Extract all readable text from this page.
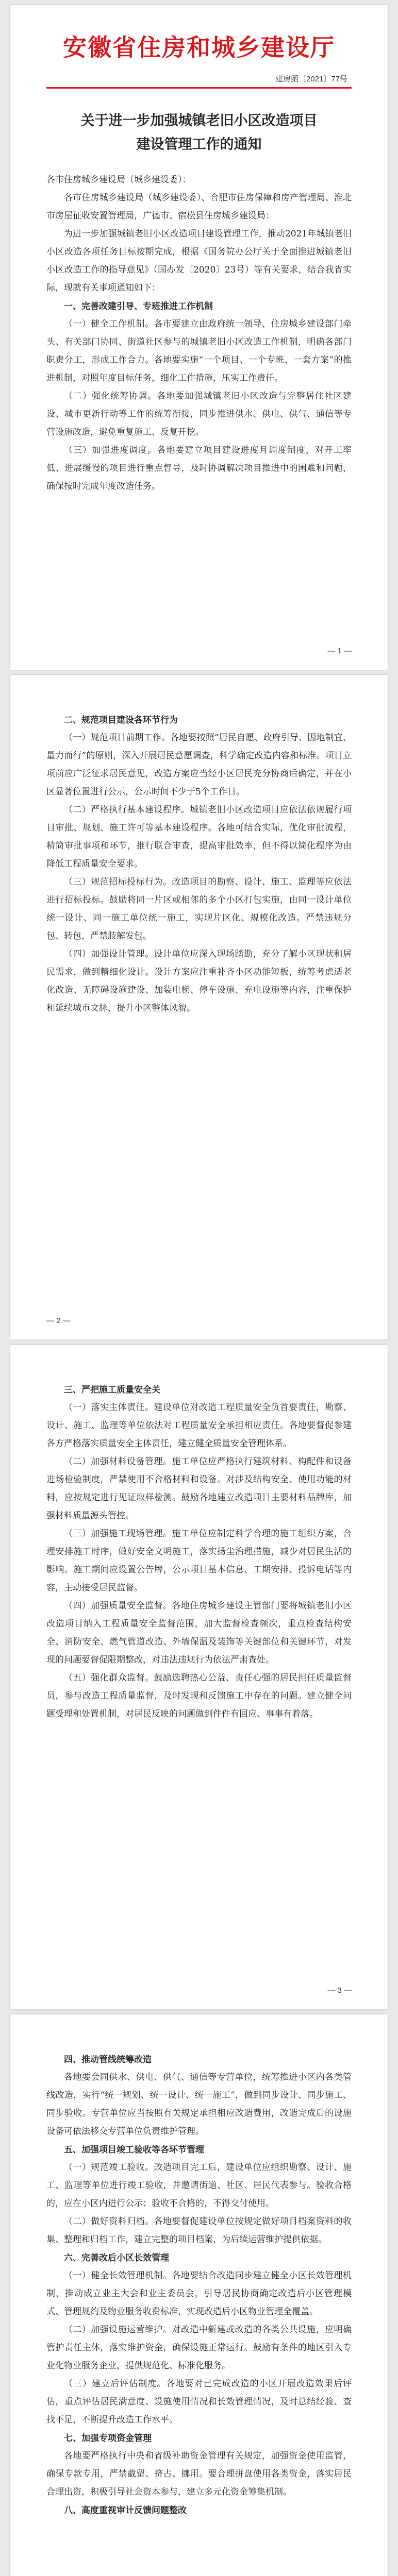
安徽省住房和城乡建设厅
建房函〔2021〕77号
关于进一步加强城镇老旧小区改造项目
建设管理工作的通知
各市住房城乡建设局（城乡建设委）：

各市住房城乡建设局（城乡建设委）、合肥市住房保障和房产管理局、淮北市房屋征收安置管理局，广德市、宿松县住房城乡建设局：

为进一步加强城镇老旧小区改造项目建设管理工作，推动2021年城镇老旧小区改造各项任务目标按期完成，根据《国务院办公厅关于全面推进城镇老旧小区改造工作的指导意见》（国办发〔2020〕23号）等有关要求，结合我省实际，现就有关事项通知如下：

一、完善改建引导、专班推进工作机制

（一）健全工作机制。各市要建立由政府统一领导、住房城乡建设部门牵头、有关部门协同、街道社区参与的城镇老旧小区改造工作机制，明确各部门职责分工，形成工作合力。各地要实施“一个项目、一个专班、一套方案”的推进机制，对照年度目标任务，细化工作措施，压实工作责任。

（二）强化统筹协调。各地要加强城镇老旧小区改造与完整居住社区建设、城市更新行动等工作的统筹衔接，同步推进供水、供电、供气、通信等专营设施改造，避免重复施工、反复开挖。

（三）加强进度调度。各地要建立项目建设进度月调度制度，对开工率低、进展缓慢的项目进行重点督导，及时协调解决项目推进中的困难和问题，确保按时完成年度改造任务。

— 1 —
二、规范项目建设各环节行为

（一）规范项目前期工作。各地要按照“居民自愿、政府引导、因地制宜、量力而行”的原则，深入开展居民意愿调查，科学确定改造内容和标准。项目立项前应广泛征求居民意见，改造方案应当经小区居民充分协商后确定，并在小区显著位置进行公示，公示时间不少于5个工作日。

（二）严格执行基本建设程序。城镇老旧小区改造项目应依法依规履行项目审批、规划、施工许可等基本建设程序。各地可结合实际，优化审批流程，精简审批事项和环节，推行联合审查，提高审批效率，但不得以简化程序为由降低工程质量安全要求。

（三）规范招标投标行为。改造项目的勘察、设计、施工、监理等应依法进行招标投标。鼓励将同一片区或相邻的多个小区打包实施，由同一设计单位统一设计、同一施工单位统一施工，实现片区化、规模化改造。严禁违规分包、转包，严禁肢解发包。

（四）加强设计管理。设计单位应深入现场踏勘，充分了解小区现状和居民需求，做到精细化设计。设计方案应注重补齐小区功能短板，统筹考虑适老化改造、无障碍设施建设、加装电梯、停车设施、充电设施等内容，注重保护和延续城市文脉，提升小区整体风貌。

— 2 —
三、严把施工质量安全关

（一）落实主体责任。建设单位对改造工程质量安全负首要责任，勘察、设计、施工、监理等单位依法对工程质量安全承担相应责任。各地要督促参建各方严格落实质量安全主体责任，建立健全质量安全管理体系。

（二）加强材料设备管理。施工单位应严格执行建筑材料、构配件和设备进场检验制度，严禁使用不合格材料和设备。对涉及结构安全、使用功能的材料，应按规定进行见证取样检测。鼓励各地建立改造项目主要材料品牌库，加强材料质量源头管控。

（三）加强施工现场管理。施工单位应制定科学合理的施工组织方案，合理安排施工时序，做好安全文明施工，落实扬尘治理措施，减少对居民生活的影响。施工期间应设置公告牌，公示项目基本信息、工期安排、投诉电话等内容，主动接受居民监督。

（四）加强质量安全监督。各地住房城乡建设主管部门要将城镇老旧小区改造项目纳入工程质量安全监督范围，加大监督检查频次，重点检查结构安全、消防安全、燃气管道改造、外墙保温及装饰等关键部位和关键环节，对发现的问题要督促限期整改，对违法违规行为依法严肃查处。

（五）强化群众监督。鼓励选聘热心公益、责任心强的居民担任质量监督员，参与改造工程质量监督，及时发现和反馈施工中存在的问题。建立健全问题受理和处置机制，对居民反映的问题做到件件有回应、事事有着落。

— 3 —
四、推动管线统筹改造

各地要会同供水、供电、供气、通信等专营单位，统筹推进小区内各类管线改造，实行“统一规划、统一设计、统一施工”，做到同步设计、同步施工、同步验收。专营单位应当按照有关规定承担相应改造费用，改造完成后的设施设备可依法移交专营单位负责维护管理。

五、加强项目竣工验收等各环节管理

（一）规范竣工验收。改造项目完工后，建设单位应组织勘察、设计、施工、监理等单位进行竣工验收，并邀请街道、社区、居民代表参与。验收合格的，应在小区内进行公示；验收不合格的，不得交付使用。

（二）做好资料归档。各地要督促建设单位按规定做好项目档案资料的收集、整理和归档工作，建立完整的项目档案，为后续运营维护提供依据。

六、完善改后小区长效管理

（一）健全长效管理机制。各地要结合改造同步建立健全小区长效管理机制，推动成立业主大会和业主委员会，引导居民协商确定改造后小区管理模式、管理规约及物业服务收费标准，实现改造后小区物业管理全覆盖。

（二）加强设施运营维护。对改造中新建或改造的各类公共设施，应明确管护责任主体，落实维护资金，确保设施正常运行。鼓励有条件的地区引入专业化物业服务企业，提供规范化、标准化服务。

（三）建立后评估制度。各地要对已完成改造的小区开展改造效果后评估，重点评估居民满意度、设施使用情况和长效管理情况，及时总结经验、查找不足，不断提升改造工作水平。

七、加强专项资金管理

各地要严格执行中央和省级补助资金管理有关规定，加强资金使用监管，确保专款专用，严禁截留、挤占、挪用。要合理拼盘使用各类资金，落实居民合理出资，积极引导社会资本参与，建立多元化资金筹集机制。

八、高度重视审计反馈问题整改
